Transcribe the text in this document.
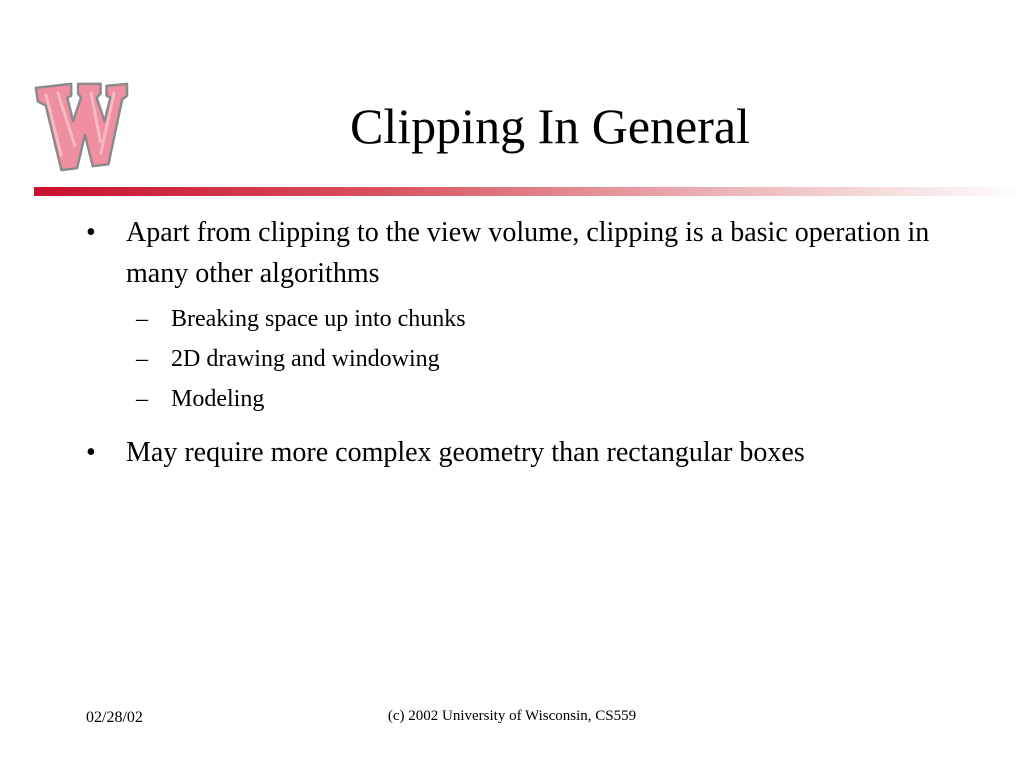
Clipping In General
•	Apart from clipping to the view volume, clipping is a basic operation in many other algorithms
– Breaking space up into chunks
– 2D drawing and windowing
– Modeling
•	May require more complex geometry than rectangular boxes
02/28/02	(c) 2002 University of Wisconsin, CS559
